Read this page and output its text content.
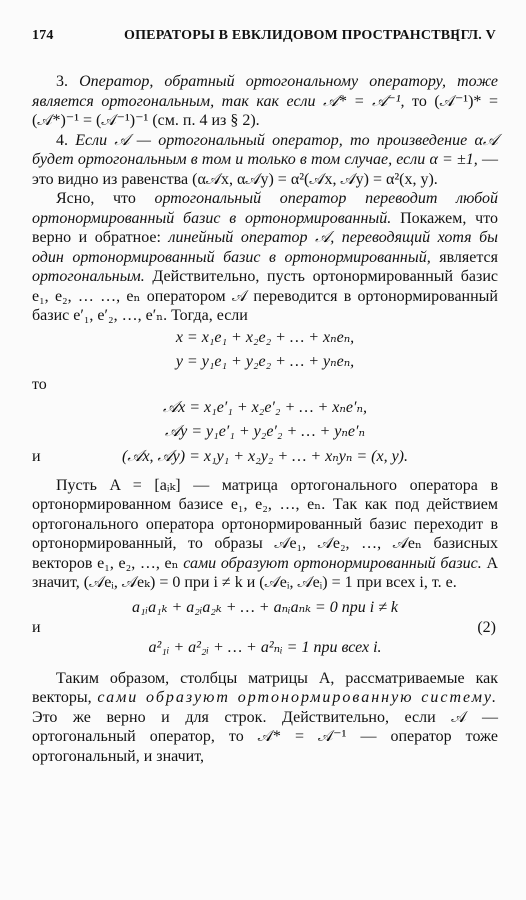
174	ОПЕРАТОРЫ В ЕВКЛИДОВОМ ПРОСТРАНСТВЕ
[ГЛ. V

3. Оператор, обратный ортогональному оператору, тоже является ортогональным, так как если 𝒜* = 𝒜⁻¹, то (𝒜⁻¹)* = (𝒜*)⁻¹ = (𝒜⁻¹)⁻¹ (см. п. 4 из § 2).

4. Если 𝒜 — ортогональный оператор, то произведение α𝒜 будет ортогональным в том и только в том случае, если α = ±1, — это видно из равенства (α𝒜x, α𝒜y) = α²(𝒜x, 𝒜y) = α²(x, y).

Ясно, что ортогональный оператор переводит любой ортонормированный базис в ортонормированный. Покажем, что верно и обратное: линейный оператор 𝒜, переводящий хотя бы один ортонормированный базис в ортонормированный, является ортогональным. Действительно, пусть ортонормированный базис e₁, e₂, … …, eₙ оператором 𝒜 переводится в ортонормированный базис e′₁, e′₂, …, e′ₙ. Тогда, если

x = x₁e₁ + x₂e₂ + … + xₙeₙ,
y = y₁e₁ + y₂e₂ + … + yₙeₙ,
то
𝒜x = x₁e′₁ + x₂e′₂ + … + xₙe′ₙ,
𝒜y = y₁e′₁ + y₂e′₂ + … + yₙe′ₙ
и	(𝒜x, 𝒜y) = x₁y₁ + x₂y₂ + … + xₙyₙ = (x, y).

Пусть A = [aᵢₖ] — матрица ортогонального оператора в ортонормированном базисе e₁, e₂, …, eₙ. Так как под действием ортогонального оператора ортонормированный базис переходит в ортонормированный, то образы 𝒜e₁, 𝒜e₂, …, 𝒜eₙ базисных векторов e₁, e₂, …, eₙ сами образуют ортонормированный базис. А значит, (𝒜eᵢ, 𝒜eₖ) = 0 при i ≠ k и (𝒜eᵢ, 𝒜eᵢ) = 1 при всех i, т. е.

a₁ᵢa₁ₖ + a₂ᵢa₂ₖ + … + aₙᵢaₙₖ = 0 при i ≠ k
и	(2)
a²₁ᵢ + a²₂ᵢ + … + a²ₙᵢ = 1 при всех i.

Таким образом, столбцы матрицы A, рассматриваемые как векторы, сами образуют ортонормированную систему. Это же верно и для строк. Действительно, если 𝒜 — ортогональный оператор, то 𝒜* = 𝒜⁻¹ — оператор тоже ортогональный, и значит,
